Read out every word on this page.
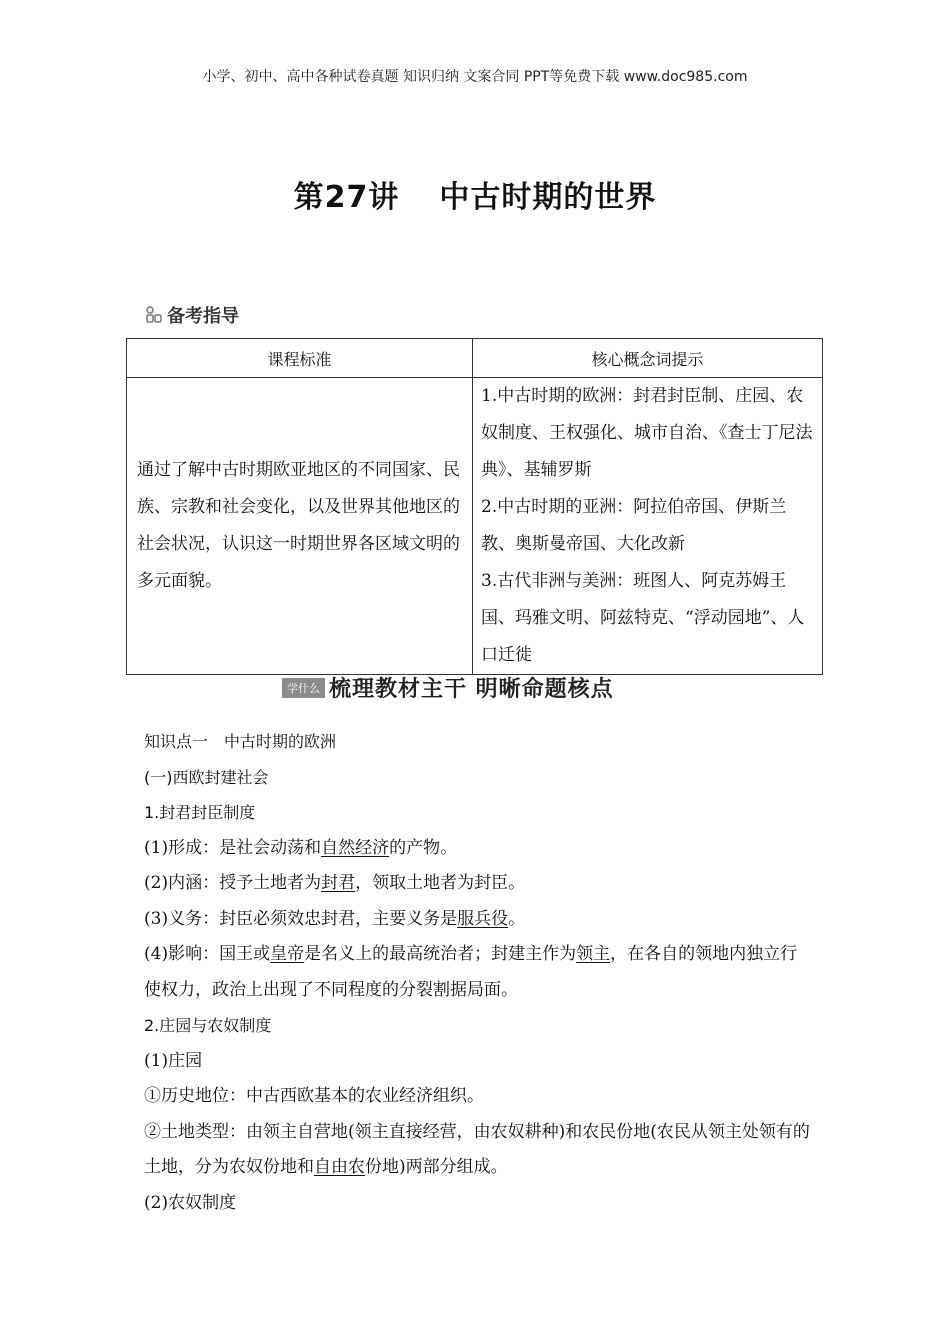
小学、初中、高中各种试卷真题 知识归纳 文案合同 PPT等免费下载 www.doc985.com
第27讲 中古时期的世界
备考指导
课程标准	核心概念词提示
通过了解中古时期欧亚地区的不同国家、民族、宗教和社会变化，以及世界其他地区的社会状况，认识这一时期世界各区域文明的多元面貌。	1.中古时期的欧洲：封君封臣制、庄园、农奴制度、王权强化、城市自治、《查士丁尼法典》、基辅罗斯
2.中古时期的亚洲：阿拉伯帝国、伊斯兰教、奥斯曼帝国、大化改新
3.古代非洲与美洲：班图人、阿克苏姆王国、玛雅文明、阿兹特克、“浮动园地”、人口迁徙
学什么 梳理教材主干 明晰命题核点

知识点一　中古时期的欧洲

(一)西欧封建社会

1.封君封臣制度

(1)形成：是社会动荡和自然经济的产物。

(2)内涵：授予土地者为封君，领取土地者为封臣。

(3)义务：封臣必须效忠封君，主要义务是服兵役。

(4)影响：国王或皇帝是名义上的最高统治者；封建主作为领主，在各自的领地内独立行使权力，政治上出现了不同程度的分裂割据局面。

2.庄园与农奴制度

(1)庄园

①历史地位：中古西欧基本的农业经济组织。

②土地类型：由领主自营地(领主直接经营，由农奴耕种)和农民份地(农民从领主处领有的土地，分为农奴份地和自由农份地)两部分组成。

(2)农奴制度
